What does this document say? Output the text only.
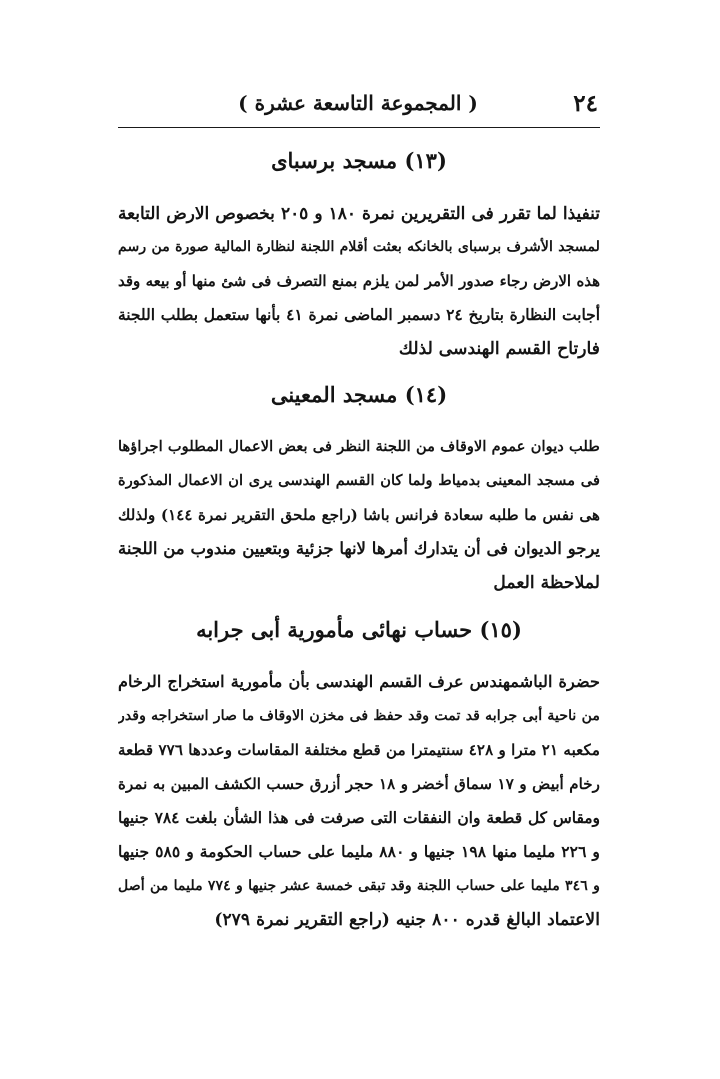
٢٤
( المجموعة التاسعة عشرة )
(١٣) مسجد برسباى
تنفيذا لما تقرر فى التقريرين نمرة ١٨٠ و ٢٠٥ بخصوص الارض التابعة
لمسجد الأشرف برسباى بالخانكه بعثت أقلام اللجنة لنظارة المالية صورة من رسم
هذه الارض رجاء صدور الأمر لمن يلزم بمنع التصرف فى شئ منها أو بيعه وقد
أجابت النظارة بتاريخ ٢٤ دسمبر الماضى نمرة ٤١ بأنها ستعمل بطلب اللجنة
فارتاح القسم الهندسى لذلك
(١٤) مسجد المعينى
طلب ديوان عموم الاوقاف من اللجنة النظر فى بعض الاعمال المطلوب اجراؤها
فى مسجد المعينى بدمياط ولما كان القسم الهندسى يرى ان الاعمال المذكورة
هى نفس ما طلبه سعادة فرانس باشا (راجع ملحق التقرير نمرة ١٤٤) ولذلك
يرجو الديوان فى أن يتدارك أمرها لانها جزئية وبتعيين مندوب من اللجنة
لملاحظة العمل
(١٥) حساب نهائى مأمورية أبى جرابه
حضرة الباشمهندس عرف القسم الهندسى بأن مأمورية استخراج الرخام
من ناحية أبى جرابه قد تمت وقد حفظ فى مخزن الاوقاف ما صار استخراجه وقدر
مكعبه ٢١ مترا و ٤٢٨ سنتيمترا من قطع مختلفة المقاسات وعددها ٧٧٦ قطعة
رخام أبيض و ١٧ سماق أخضر و ١٨ حجر أزرق حسب الكشف المبين به نمرة
ومقاس كل قطعة وان النفقات التى صرفت فى هذا الشأن بلغت ٧٨٤ جنيها
و ٢٢٦ مليما منها ١٩٨ جنيها و ٨٨٠ مليما على حساب الحكومة و ٥٨٥ جنيها
و ٣٤٦ مليما على حساب اللجنة وقد تبقى خمسة عشر جنيها و ٧٧٤ مليما من أصل
الاعتماد البالغ قدره ٨٠٠ جنيه (راجع التقرير نمرة ٢٧٩)
